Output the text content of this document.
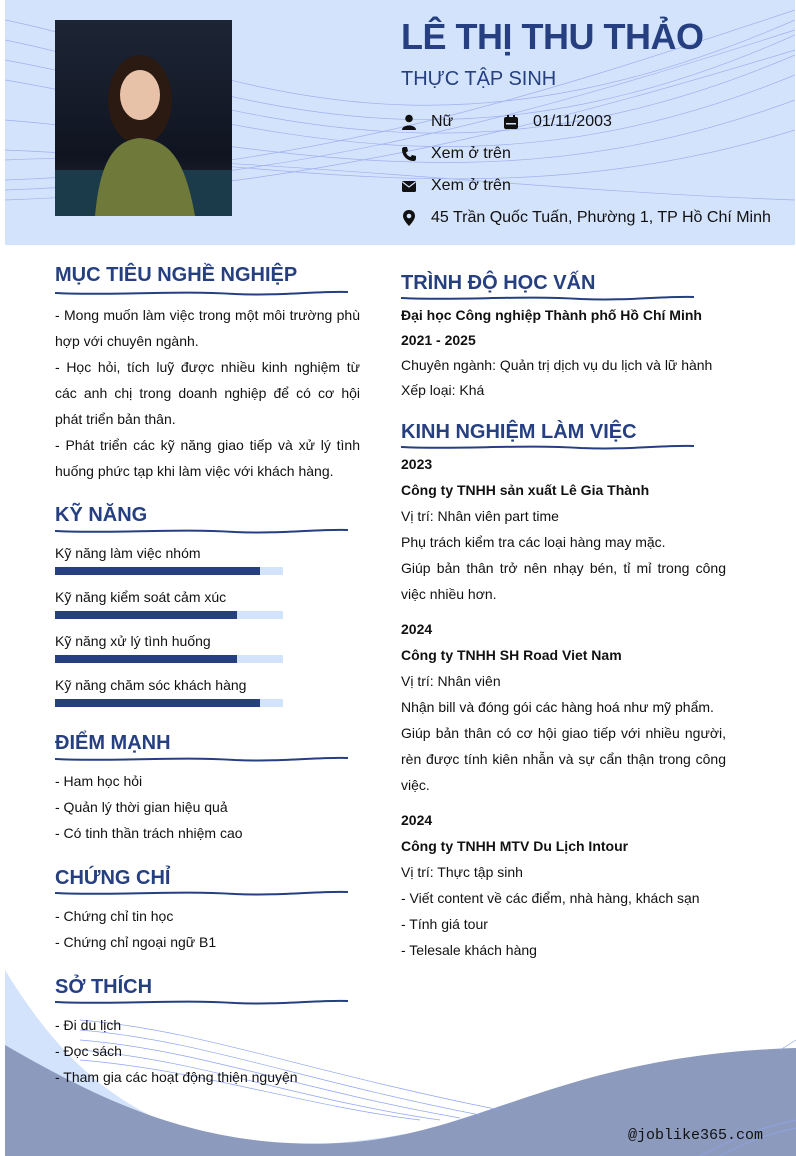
LÊ THỊ THU THẢO
THỰC TẬP SINH
Nữ	01/11/2003
Xem ở trên
Xem ở trên
45 Trần Quốc Tuấn, Phường 1, TP Hồ Chí Minh
MỤC TIÊU NGHỀ NGHIỆP
- Mong muốn làm việc trong một môi trường phù hợp với chuyên ngành.
- Học hỏi, tích luỹ được nhiều kinh nghiệm từ các anh chị trong doanh nghiệp để có cơ hội phát triển bản thân.
- Phát triển các kỹ năng giao tiếp và xử lý tình huống phức tạp khi làm việc với khách hàng.
KỸ NĂNG
Kỹ năng làm việc nhóm
Kỹ năng kiểm soát cảm xúc
Kỹ năng xử lý tình huống
Kỹ năng chăm sóc khách hàng
ĐIỂM MẠNH
- Ham học hỏi
- Quản lý thời gian hiệu quả
- Có tinh thần trách nhiệm cao
CHỨNG CHỈ
- Chứng chỉ tin học
- Chứng chỉ ngoại ngữ B1
SỞ THÍCH
- Đi du lịch
- Đọc sách
- Tham gia các hoạt động thiện nguyện
TRÌNH ĐỘ HỌC VẤN
Đại học Công nghiệp Thành phố Hồ Chí Minh
2021 - 2025
Chuyên ngành: Quản trị dịch vụ du lịch và lữ hành
Xếp loại: Khá
KINH NGHIỆM LÀM VIỆC
2023
Công ty TNHH sản xuất Lê Gia Thành
Vị trí: Nhân viên part time
Phụ trách kiểm tra các loại hàng may mặc.
Giúp bản thân trở nên nhạy bén, tỉ mỉ trong công việc nhiều hơn.
2024
Công ty TNHH SH Road Viet Nam
Vị trí: Nhân viên
Nhận bill và đóng gói các hàng hoá như mỹ phẩm.
Giúp bản thân có cơ hội giao tiếp với nhiều người, rèn được tính kiên nhẫn và sự cẩn thận trong công việc.
2024
Công ty TNHH MTV Du Lịch Intour
Vị trí: Thực tập sinh
- Viết content về các điểm, nhà hàng, khách sạn
- Tính giá tour
- Telesale khách hàng
@joblike365.com
